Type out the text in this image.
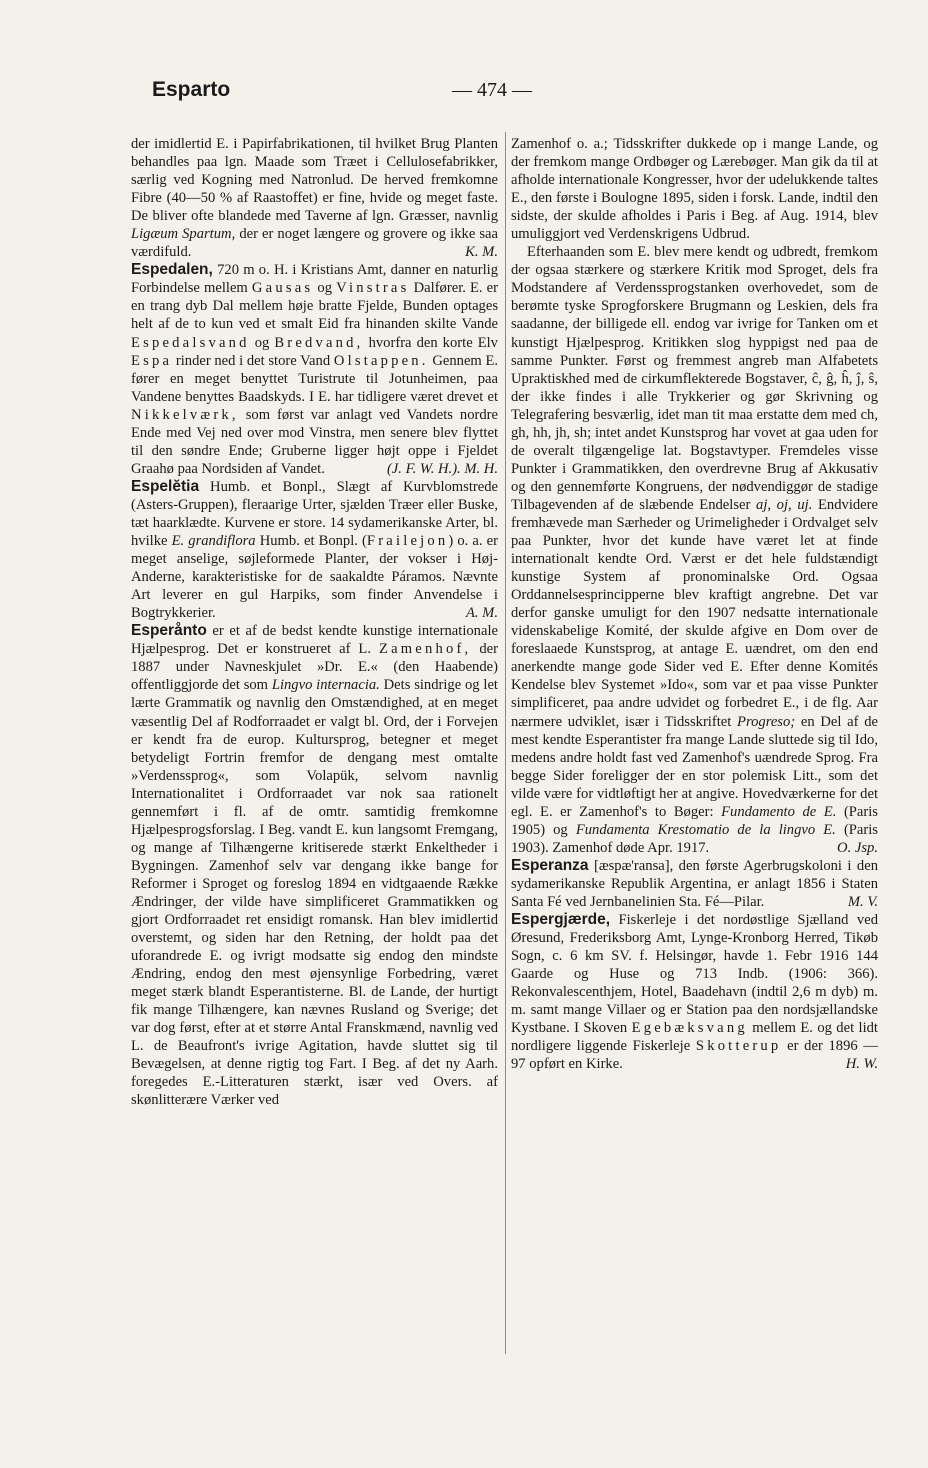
Esparto	— 474 —

der imidlertid E. i Papirfabrikationen, til hvilket Brug Planten behandles paa lgn. Maade som Træet i Cellulosefabrikker, særlig ved Kogning med Natronlud. De herved fremkomne Fibre (40—50 % af Raastoffet) er fine, hvide og meget faste. De bliver ofte blandede med Taverne af lgn. Græsser, navnlig Ligæum Spartum, der er noget længere og grovere og ikke saa værdifuld.	K. M.

Espedalen, 720 m o. H. i Kristians Amt, danner en naturlig Forbindelse mellem Gausas og Vinstras Dalfører. E. er en trang dyb Dal mellem høje bratte Fjelde, Bunden optages helt af de to kun ved et smalt Eid fra hinanden skilte Vande Espedalsvand og Bredvand, hvorfra den korte Elv Espa rinder ned i det store Vand Olstappen. Gennem E. fører en meget benyttet Turistrute til Jotunheimen, paa Vandene benyttes Baadskyds. I E. har tidligere været drevet et Nikkelværk, som først var anlagt ved Vandets nordre Ende med Vej ned over mod Vinstra, men senere blev flyttet til den søndre Ende; Gruberne ligger højt oppe i Fjeldet Graahø paa Nordsiden af Vandet.	(J. F. W. H.). M. H.

Espelĕtia Humb. et Bonpl., Slægt af Kurvblomstrede (Asters-Gruppen), fleraarige Urter, sjælden Træer eller Buske, tæt haarklædte. Kurvene er store. 14 sydamerikanske Arter, bl. hvilke E. grandiflora Humb. et Bonpl. (Frailejon) o. a. er meget anselige, søjleformede Planter, der vokser i Høj-Anderne, karakteristiske for de saakaldte Páramos. Nævnte Art leverer en gul Harpiks, som finder Anvendelse i Bogtrykkerier.	A. M.

Esperånto er et af de bedst kendte kunstige internationale Hjælpesprog. Det er konstrueret af L. Zamenhof, der 1887 under Navneskjulet »Dr. E.« (den Haabende) offentliggjorde det som Lingvo internacia. Dets sindrige og let lærte Grammatik og navnlig den Omstændighed, at en meget væsentlig Del af Rodforraadet er valgt bl. Ord, der i Forvejen er kendt fra de europ. Kultursprog, betegner et meget betydeligt Fortrin fremfor de dengang mest omtalte »Verdenssprog«, som Volapük, selvom navnlig Internationalitet i Ordforraadet var nok saa rationelt gennemført i fl. af de omtr. samtidig fremkomne Hjælpesprogsforslag. I Beg. vandt E. kun langsomt Fremgang, og mange af Tilhængerne kritiserede stærkt Enkeltheder i Bygningen. Zamenhof selv var dengang ikke bange for Reformer i Sproget og foreslog 1894 en vidtgaaende Række Ændringer, der vilde have simplificeret Grammatikken og gjort Ordforraadet ret ensidigt romansk. Han blev imidlertid overstemt, og siden har den Retning, der holdt paa det uforandrede E. og ivrigt modsatte sig endog den mindste Ændring, endog den mest øjensynlige Forbedring, været meget stærk blandt Esperantisterne. Bl. de Lande, der hurtigt fik mange Tilhængere, kan nævnes Rusland og Sverige; det var dog først, efter at et større Antal Franskmænd, navnlig ved L. de Beaufront's ivrige Agitation, havde sluttet sig til Bevægelsen, at denne rigtig tog Fart. I Beg. af det ny Aarh. foregedes E.-Litteraturen stærkt, især ved Overs. af skønlitterære Værker ved

Zamenhof o. a.; Tidsskrifter dukkede op i mange Lande, og der fremkom mange Ordbøger og Lærebøger. Man gik da til at afholde internationale Kongresser, hvor der udelukkende taltes E., den første i Boulogne 1895, siden i forsk. Lande, indtil den sidste, der skulde afholdes i Paris i Beg. af Aug. 1914, blev umuliggjort ved Verdenskrigens Udbrud.

Efterhaanden som E. blev mere kendt og udbredt, fremkom der ogsaa stærkere og stærkere Kritik mod Sproget, dels fra Modstandere af Verdenssprogstanken overhovedet, som de berømte tyske Sprogforskere Brugmann og Leskien, dels fra saadanne, der billigede ell. endog var ivrige for Tanken om et kunstigt Hjælpesprog. Kritikken slog hyppigst ned paa de samme Punkter. Først og fremmest angreb man Alfabetets Upraktiskhed med de cirkumflekterede Bogstaver, ĉ, ĝ, ĥ, ĵ, ŝ, der ikke findes i alle Trykkerier og gør Skrivning og Telegrafering besværlig, idet man tit maa erstatte dem med ch, gh, hh, jh, sh; intet andet Kunstsprog har vovet at gaa uden for de overalt tilgængelige lat. Bogstavtyper. Fremdeles visse Punkter i Grammatikken, den overdrevne Brug af Akkusativ og den gennemførte Kongruens, der nødvendiggør de stadige Tilbagevenden af de slæbende Endelser aj, oj, uj. Endvidere fremhævede man Særheder og Urimeligheder i Ordvalget selv paa Punkter, hvor det kunde have været let at finde internationalt kendte Ord. Værst er det hele fuldstændigt kunstige System af pronominalske Ord. Ogsaa Orddannelsesprincipperne blev kraftigt angrebne. Det var derfor ganske umuligt for den 1907 nedsatte internationale videnskabelige Komité, der skulde afgive en Dom over de foreslaaede Kunstsprog, at antage E. uændret, om den end anerkendte mange gode Sider ved E. Efter denne Komités Kendelse blev Systemet »Ido«, som var et paa visse Punkter simplificeret, paa andre udvidet og forbedret E., i de flg. Aar nærmere udviklet, især i Tidsskriftet Progreso; en Del af de mest kendte Esperantister fra mange Lande sluttede sig til Ido, medens andre holdt fast ved Zamenhof's uændrede Sprog. Fra begge Sider foreligger der en stor polemisk Litt., som det vilde være for vidtløftigt her at angive. Hovedværkerne for det egl. E. er Zamenhof's to Bøger: Fundamento de E. (Paris 1905) og Fundamenta Krestomatio de la lingvo E. (Paris 1903). Zamenhof døde Apr. 1917.	O. Jsp.

Esperanza [æspæ'ransa], den første Agerbrugskoloni i den sydamerikanske Republik Argentina, er anlagt 1856 i Staten Santa Fé ved Jernbanelinien Sta. Fé—Pilar.	M. V.

Espergjærde, Fiskerleje i det nordøstlige Sjælland ved Øresund, Frederiksborg Amt, Lynge-Kronborg Herred, Tikøb Sogn, c. 6 km SV. f. Helsingør, havde 1. Febr 1916 144 Gaarde og Huse og 713 Indb. (1906: 366). Rekonvalescenthjem, Hotel, Baadehavn (indtil 2,6 m dyb) m. m. samt mange Villaer og er Station paa den nordsjællandske Kystbane. I Skoven Egebæksvang mellem E. og det lidt nordligere liggende Fiskerleje Skotterup er der 1896 —97 opført en Kirke.	H. W.
